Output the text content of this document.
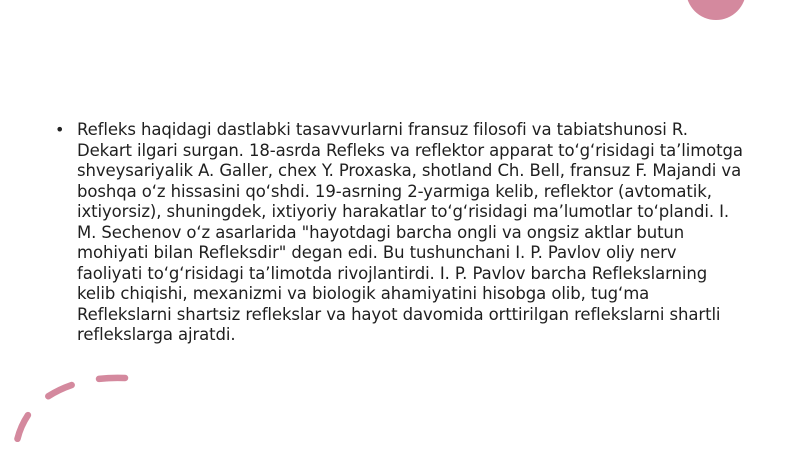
• Refleks haqidagi dastlabki tasavvurlarni fransuz filosofi va tabiatshunosi R. Dekart ilgari surgan. 18-asrda Refleks va reflektor apparat to‘g‘risidagi ta’limotga shveysariyalik A. Galler, chex Y. Proxaska, shotland Ch. Bell, fransuz F. Majandi va boshqa o‘z hissasini qo‘shdi. 19-asrning 2-yarmiga kelib, reflektor (avtomatik, ixtiyorsiz), shuningdek, ixtiyoriy harakatlar to‘g‘risidagi ma’lumotlar to‘plandi. I. M. Sechenov o‘z asarlarida "hayotdagi barcha ongli va ongsiz aktlar butun mohiyati bilan Refleksdir" degan edi. Bu tushunchani I. P. Pavlov oliy nerv faoliyati to‘g‘risidagi ta’limotda rivojlantirdi. I. P. Pavlov barcha Reflekslarning kelib chiqishi, mexanizmi va biologik ahamiyatini hisobga olib, tug‘ma Reflekslarni shartsiz reflekslar va hayot davomida orttirilgan reflekslarni shartli reflekslarga ajratdi.
